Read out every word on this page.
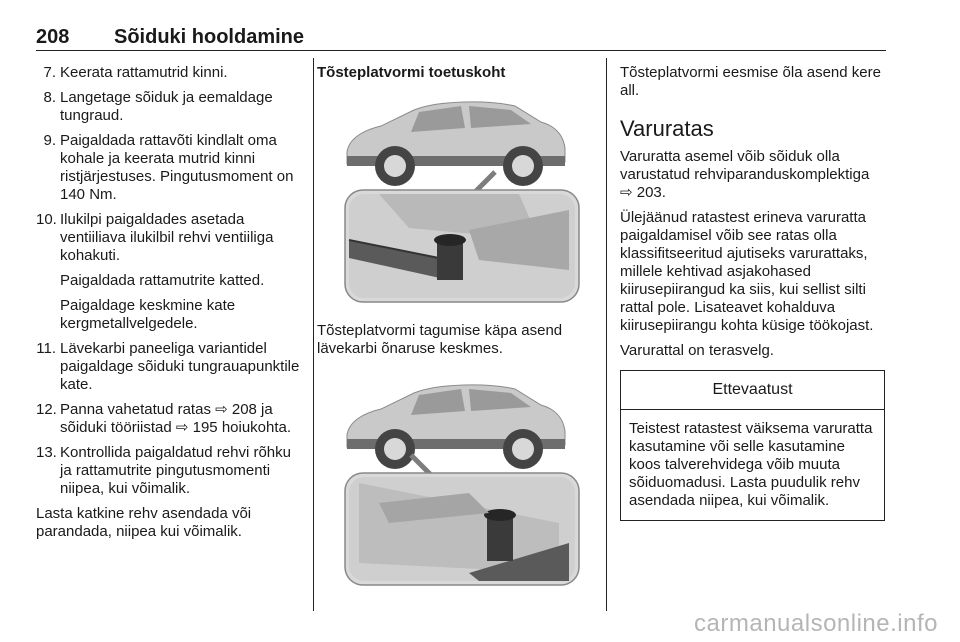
208 Sõiduki hooldamine
7. Keerata rattamutrid kinni.
8. Langetage sõiduk ja eemaldage tungraud.
9. Paigaldada rattavõti kindlalt oma kohale ja keerata mutrid kinni ristjärjestuses. Pingutusmoment on 140 Nm.
10. Ilukilpi paigaldades asetada ventiiliava ilukilbil rehvi ventiiliga kohakuti.
Paigaldada rattamutrite katted.
Paigaldage keskmine kate kergmetallvelgedele.
11. Lävekarbi paneeliga variantidel paigaldage sõiduki tungrauapunktile kate.
12. Panna vahetatud ratas ⇨ 208 ja sõiduki tööriistad ⇨ 195 hoiukohta.
13. Kontrollida paigaldatud rehvi rõhku ja rattamutrite pingutusmomenti niipea, kui võimalik.

Lasta katkine rehv asendada või parandada, niipea kui võimalik.

Tõsteplatvormi toetuskoht

Tõsteplatvormi tagumise käpa asend lävekarbi õnaruse keskmes.

Tõsteplatvormi eesmise õla asend kere all.

Varuratas

Varuratta asemel võib sõiduk olla varustatud rehviparanduskomplektiga ⇨ 203.

Ülejäänud ratastest erineva varuratta paigaldamisel võib see ratas olla klassifitseeritud ajutiseks varurattaks, millele kehtivad asjakohased kiirusepiirangud ka siis, kui sellist silti rattal pole. Lisateavet kohalduva kiirusepiirangu kohta küsige töökojast.

Varurattal on terasvelg.

Ettevaatust
Teistest ratastest väiksema varuratta kasutamine või selle kasutamine koos talverehvidega võib muuta sõiduomadusi. Lasta puudulik rehv asendada niipea, kui võimalik.
carmanualsonline.info
